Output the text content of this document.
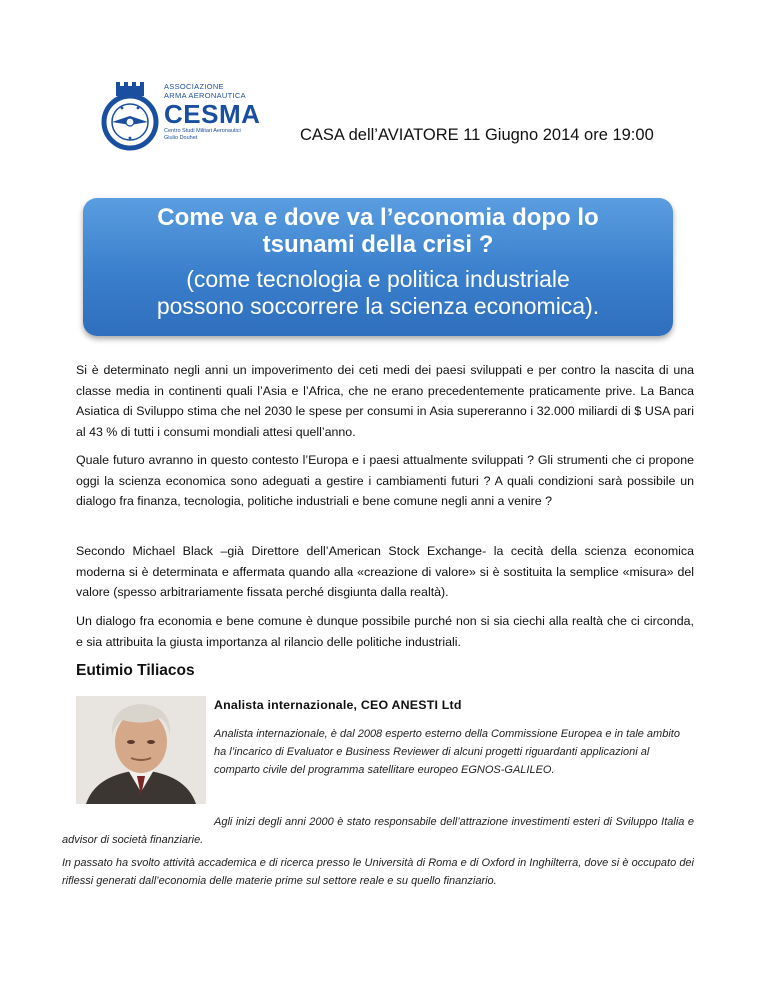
ASSOCIAZIONE
ARMA AERONAUTICA
CESMA
Centro Studi Militari Aeronautici
Giulio Douhet	CASA dell’AVIATORE 11 Giugno 2014 ore 19:00
Come va e dove va l’economia dopo lo
tsunami della crisi ?
(come tecnologia e politica industriale
possono soccorrere la scienza economica).
Si è determinato negli anni un impoverimento dei ceti medi dei paesi sviluppati e per contro la nascita di una classe media in continenti quali l’Asia e l’Africa, che ne erano precedentemente praticamente prive. La Banca Asiatica di Sviluppo stima che nel 2030 le spese per consumi in Asia supereranno i 32.000 miliardi di $ USA pari al 43 % di tutti i consumi mondiali attesi quell’anno.
Quale futuro avranno in questo contesto l’Europa e i paesi attualmente sviluppati ? Gli strumenti che ci propone oggi la scienza economica sono adeguati a gestire i cambiamenti futuri ? A quali condizioni sarà possibile un dialogo fra finanza, tecnologia, politiche industriali e bene comune negli anni a venire ?
Secondo Michael Black –già Direttore dell’American Stock Exchange- la cecità della scienza economica moderna si è determinata e affermata quando alla «creazione di valore» si è sostituita la semplice «misura» del valore (spesso arbitrariamente fissata perché disgiunta dalla realtà).
Un dialogo fra economia e bene comune è dunque possibile purché non si sia ciechi alla realtà che ci circonda, e sia attribuita la giusta importanza al rilancio delle politiche industriali.
Eutimio Tiliacos
Analista internazionale, CEO ANESTI Ltd
Analista internazionale, è dal 2008 esperto esterno della Commissione Europea e in tale ambito ha l’incarico di Evaluator e Business Reviewer di alcuni progetti riguardanti applicazioni al comparto civile del programma satellitare europeo EGNOS-GALILEO.
Agli inizi degli anni 2000 è stato responsabile dell’attrazione investimenti esteri di Sviluppo Italia e advisor di società finanziarie.
In passato ha svolto attività accademica e di ricerca presso le Università di Roma e di Oxford in Inghilterra, dove si è occupato dei riflessi generati dall’economia delle materie prime sul settore reale e su quello finanziario.
